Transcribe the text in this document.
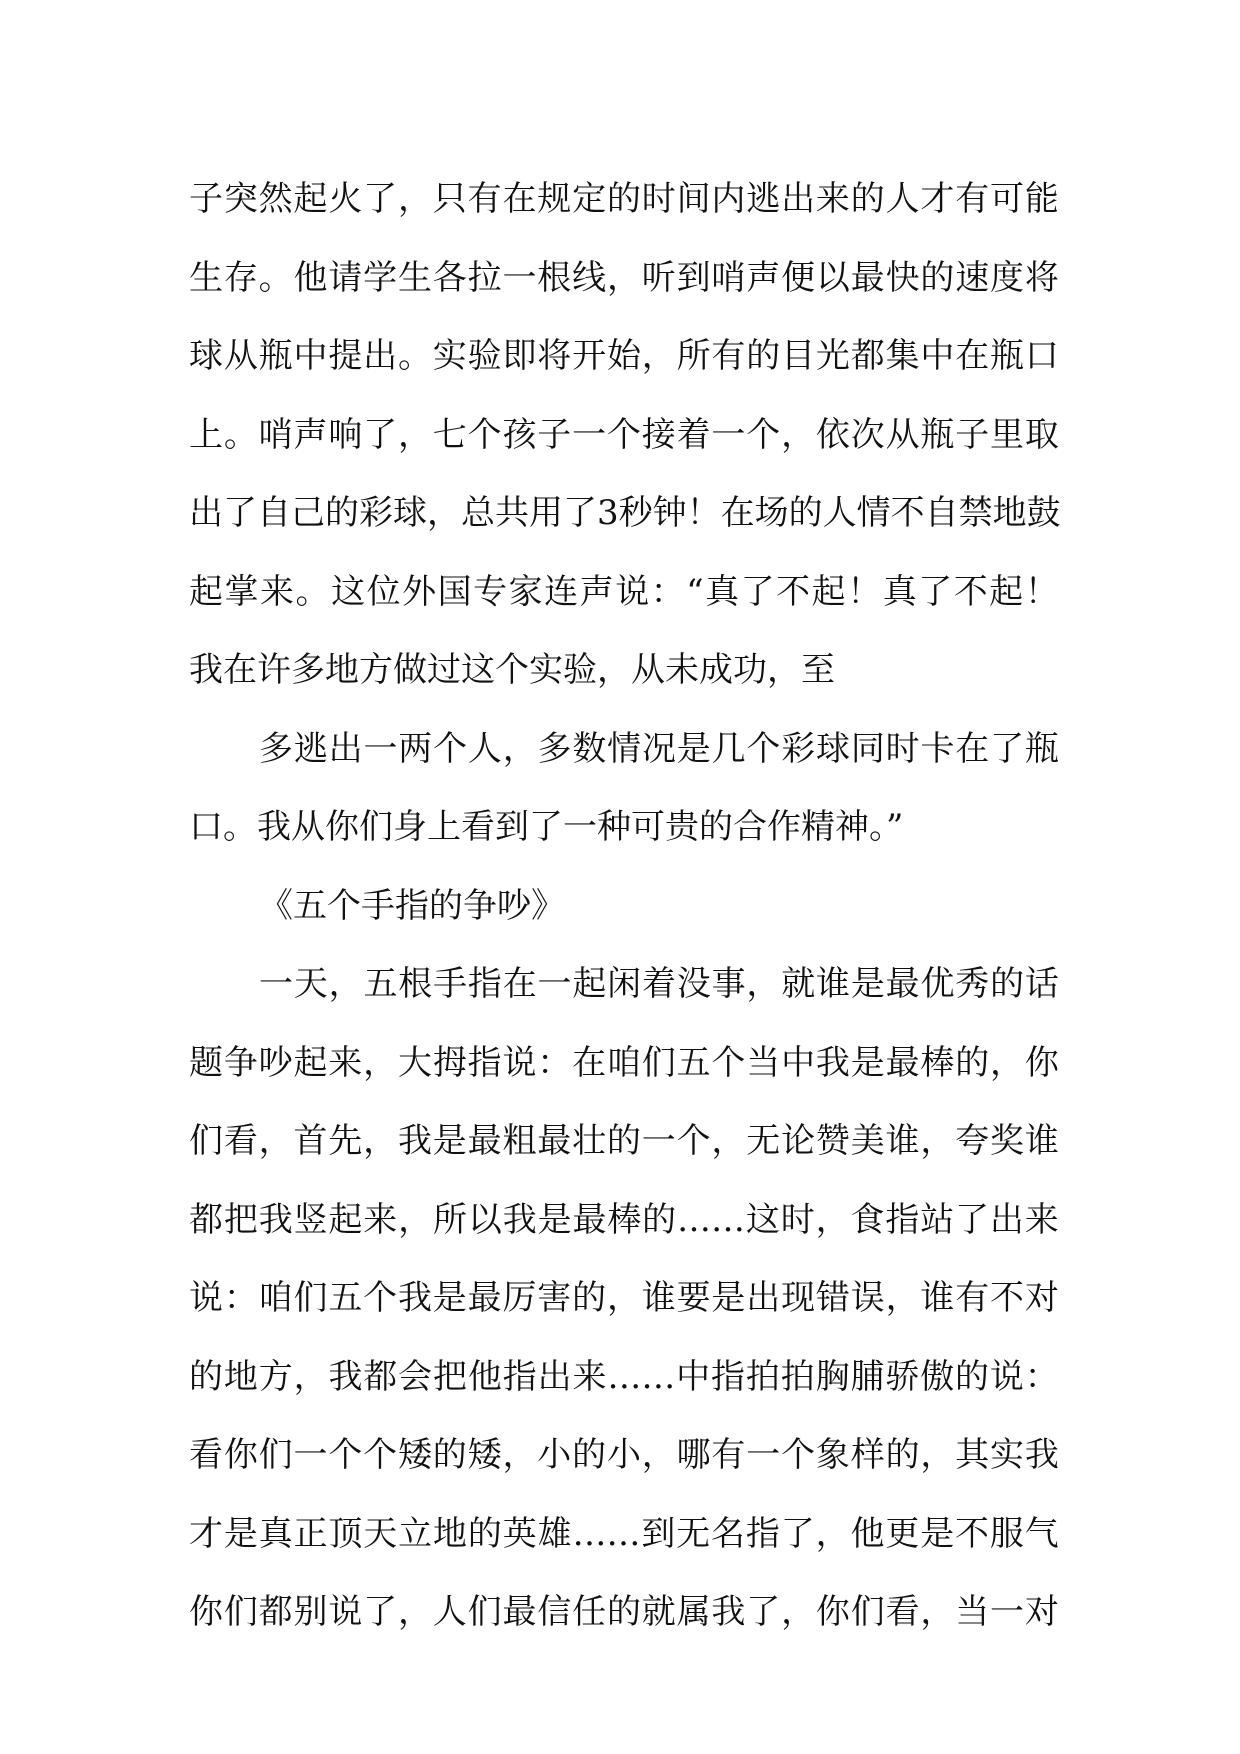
子 突 然 起 火 了 ， 只 有 在 规 定 的 时 间 内 逃 出 来 的 人 才 有 可 能
生 存 。 他 请 学 生 各 拉 一 根 线 ， 听 到 哨 声 便 以 最 快 的 速 度 将
球 从 瓶 中 提 出 。 实 验 即 将 开 始 ， 所 有 的 目 光 都 集 中 在 瓶 口
上 。 哨 声 响 了 ， 七 个 孩 子 一 个 接 着 一 个 ， 依 次 从 瓶 子 里 取
出 了 自 己 的 彩 球 ， 总 共 用 了 3 秒 钟 ！ 在 场 的 人 情 不 自 禁 地 鼓
起 掌 来 。 这 位 外 国 专 家 连 声 说 ： “ 真 了 不 起 ！ 真 了 不 起 ！
我在许多地方做过这个实验，从未成功，至
多 逃 出 一 两 个 人 ， 多 数 情 况 是 几 个 彩 球 同 时 卡 在 了 瓶
口。我从你们身上看到了一种可贵的合作精神。”
《五个手指的争吵》
一 天 ， 五 根 手 指 在 一 起 闲 着 没 事 ， 就 谁 是 最 优 秀 的 话
题 争 吵 起 来 ， 大 拇 指 说 ： 在 咱 们 五 个 当 中 我 是 最 棒 的 ， 你
们 看 ， 首 先 ， 我 是 最 粗 最 壮 的 一 个 ， 无 论 赞 美 谁 ， 夸 奖 谁
都 把 我 竖 起 来 ， 所 以 我 是 最 棒 的 …… 这 时 ， 食 指 站 了 出 来
说 ： 咱 们 五 个 我 是 最 厉 害 的 ， 谁 要 是 出 现 错 误 ， 谁 有 不 对
的 地 方 ， 我 都 会 把 他 指 出 来 …… 中 指 拍 拍 胸 脯 骄 傲 的 说 ：
看 你 们 一 个 个 矮 的 矮 ， 小 的 小 ， 哪 有 一 个 象 样 的 ， 其 实 我
才 是 真 正 顶 天 立 地 的 英 雄 …… 到 无 名 指 了 ， 他 更 是 不 服 气
你 们 都 别 说 了 ， 人 们 最 信 任 的 就 属 我 了 ， 你 们 看 ， 当 一 对
